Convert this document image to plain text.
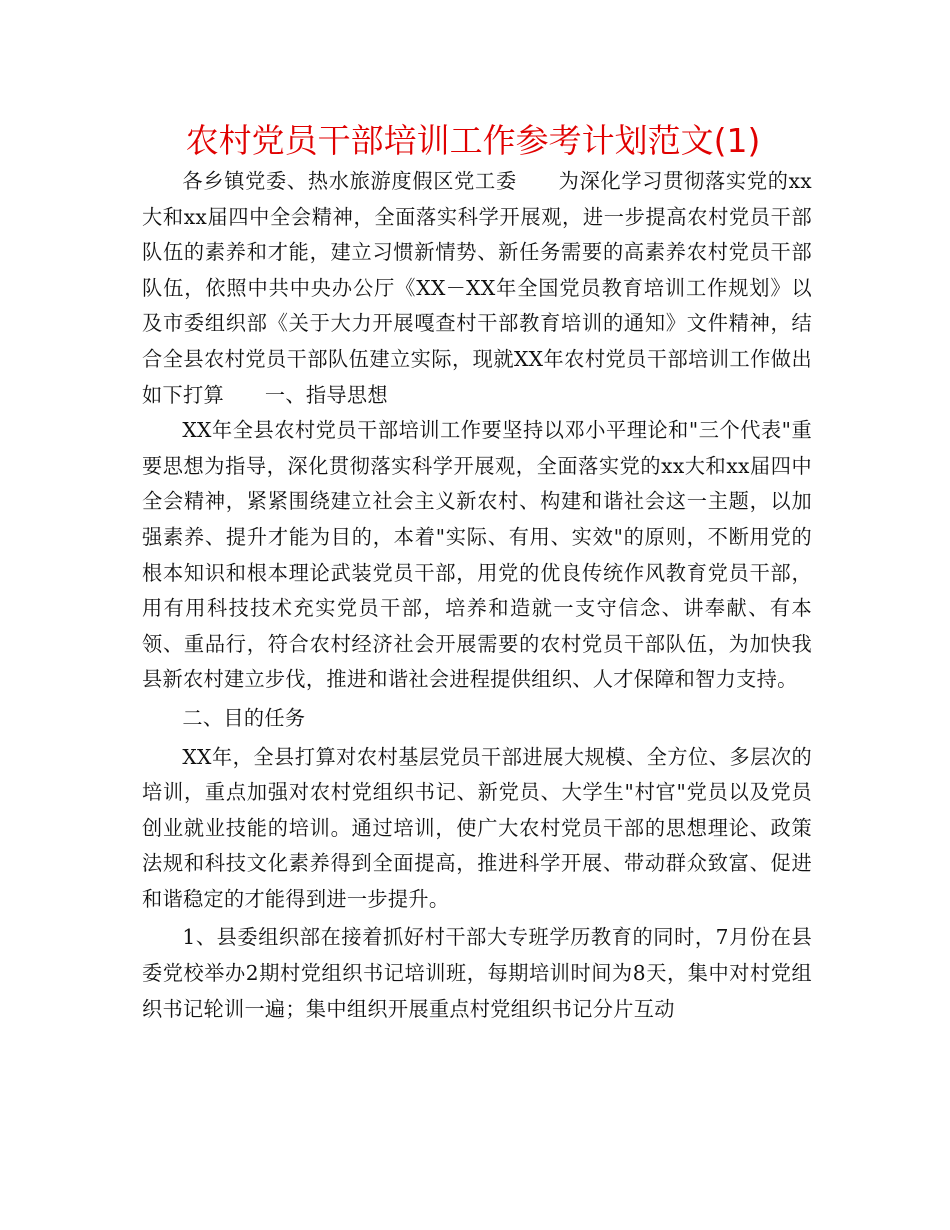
农村党员干部培训工作参考计划范文(1)

各乡镇党委、热水旅游度假区党工委　　为深化学习贯彻落实党的xx大和xx届四中全会精神，全面落实科学开展观，进一步提高农村党员干部队伍的素养和才能，建立习惯新情势、新任务需要的高素养农村党员干部队伍，依照中共中央办公厅《XX－XX年全国党员教育培训工作规划》以及市委组织部《关于大力开展嘎查村干部教育培训的通知》文件精神，结合全县农村党员干部队伍建立实际，现就XX年农村党员干部培训工作做出如下打算　　一、指导思想

XX年全县农村党员干部培训工作要坚持以邓小平理论和"三个代表"重要思想为指导，深化贯彻落实科学开展观，全面落实党的xx大和xx届四中全会精神，紧紧围绕建立社会主义新农村、构建和谐社会这一主题，以加强素养、提升才能为目的，本着"实际、有用、实效"的原则，不断用党的根本知识和根本理论武装党员干部，用党的优良传统作风教育党员干部，用有用科技技术充实党员干部，培养和造就一支守信念、讲奉献、有本领、重品行，符合农村经济社会开展需要的农村党员干部队伍，为加快我县新农村建立步伐，推进和谐社会进程提供组织、人才保障和智力支持。

二、目的任务

XX年，全县打算对农村基层党员干部进展大规模、全方位、多层次的培训，重点加强对农村党组织书记、新党员、大学生"村官"党员以及党员创业就业技能的培训。通过培训，使广大农村党员干部的思想理论、政策法规和科技文化素养得到全面提高，推进科学开展、带动群众致富、促进和谐稳定的才能得到进一步提升。

1、县委组织部在接着抓好村干部大专班学历教育的同时，7月份在县委党校举办2期村党组织书记培训班，每期培训时间为8天，集中对村党组织书记轮训一遍；集中组织开展重点村党组织书记分片互动
